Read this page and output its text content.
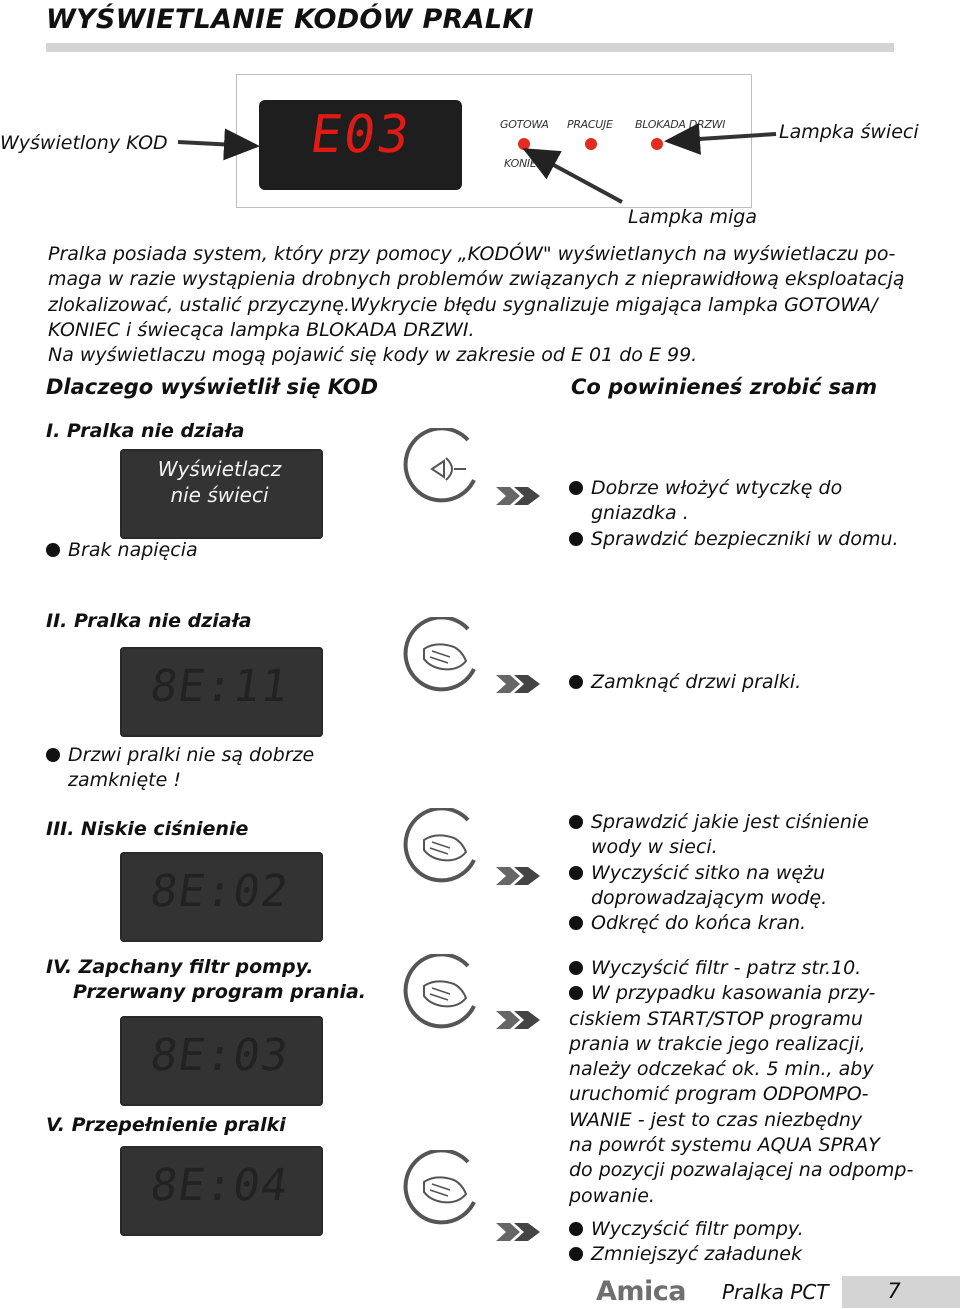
WYŚWIETLANIE KODÓW PRALKI
E03	GOTOWA PRACUJE BLOKADA DRZWI
KONIEC
Wyświetlony KOD	Lampka świeci
Lampka miga
Pralka posiada system, który przy pomocy „KODÓW" wyświetlanych na wyświetlaczu po-
maga w razie wystąpienia drobnych problemów związanych z nieprawidłową eksploatacją
zlokalizować, ustalić przyczynę.Wykrycie błędu sygnalizuje migająca lampka GOTOWA/
KONIEC i świecąca lampka BLOKADA DRZWI.
Na wyświetlaczu mogą pojawić się kody w zakresie od E 01 do E 99.
Dlaczego wyświetlił się KOD	Co powinieneś zrobić sam
I. Pralka nie działa
Wyświetlacz
nie świeci
Brak napięcia
Dobrze włożyć wtyczkę do
gniazdka .
Sprawdzić bezpieczniki w domu.
II. Pralka nie działa
8E:11
Drzwi pralki nie są dobrze
zamknięte !
Zamknąć drzwi pralki.
III. Niskie ciśnienie
8E:02
Sprawdzić jakie jest ciśnienie
wody w sieci.
Wyczyścić sitko na wężu
doprowadzającym wodę.
Odkręć do końca kran.
IV. Zapchany filtr pompy.
Przerwany program prania.
8E:03
Wyczyścić filtr - patrz str.10.
W przypadku kasowania przy-
ciskiem START/STOP programu
prania w trakcie jego realizacji,
należy odczekać ok. 5 min., aby
uruchomić program ODPOMPO-
WANIE - jest to czas niezbędny
na powrót systemu AQUA SPRAY
do pozycji pozwalającej na odpomp-
powanie.
V. Przepełnienie pralki
8E:04
Wyczyścić filtr pompy.
Zmniejszyć załadunek
Amica Pralka PCT	7
